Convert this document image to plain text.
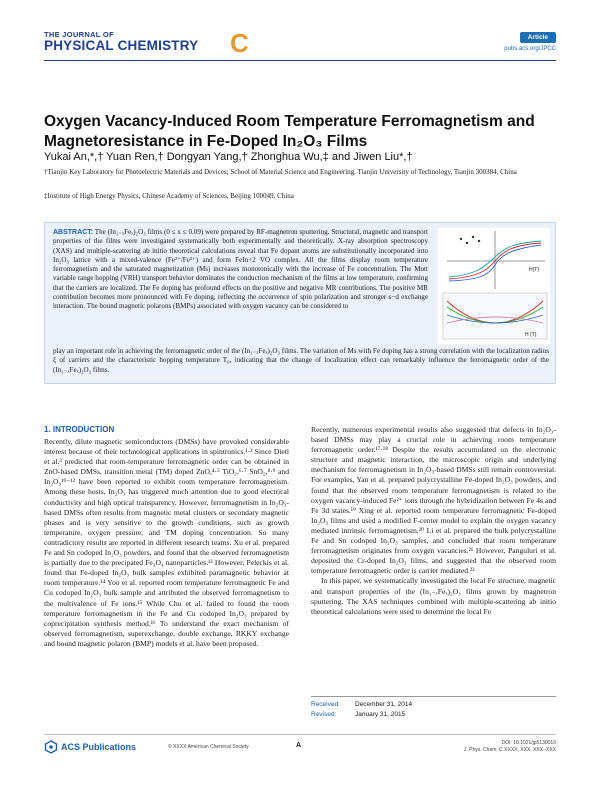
THE JOURNAL OF
PHYSICAL CHEMISTRY C	Article
pubs.acs.org/JPCC
Oxygen Vacancy-Induced Room Temperature Ferromagnetism and Magnetoresistance in Fe-Doped In₂O₃ Films
Yukai An,*,† Yuan Ren,† Dongyan Yang,† Zhonghua Wu,‡ and Jiwen Liu*,†
†Tianjin Key Laboratory for Photoelectric Materials and Devices; School of Material Science and Engineering, Tianjin University of Technology, Tianjin 300384, China
‡Institute of High Energy Physics, Chinese Academy of Sciences, Beijing 100049, China
ABSTRACT: The (In₁₋ₓFeₓ)₂O₃ films (0 ≤ x ≤ 0.09) were prepared by RF-magnetron sputtering. Structural, magnetic and transport properties of the films were investigated systematically both experimentally and theoretically. X-ray absorption spectroscopy (XAS) and multiple-scattering ab initio theoretical calculations reveal that Fe dopant atoms are substitutionally incorporated into In₂O₃ lattice with a mixed-valence (Fe²⁺/Fe³⁺) and form FeIn+2 VO complex. All the films display room temperature ferromagnetism and the saturated magnetization (Ms) increases monotonically with the increase of Fe concentration. The Mott variable range hopping (VRH) transport behavior dominates the conduction mechanism of the films at low temperature, confirming that the carriers are localized. The Fe doping has profound effects on the positive and negative MR contributions. The positive MR contribution becomes more pronounced with Fe doping, reflecting the occurrence of spin polarization and stronger s−d exchange interaction. The bound magnetic polarons (BMPs) associated with oxygen vacancy can be considered to
H(T)
H (T)
play an important role in achieving the ferromagnetic order of the (In₁₋ₓFeₓ)₂O₃ films. The variation of Ms with Fe doping has a strong correlation with the localization radius ξ of carriers and the characteristic hopping temperature T₀, indicating that the change of localization effect can remarkably influence the ferromagnetic order of the (In₁₋ₓFeₓ)₂O₃ films.
1. INTRODUCTION

Recently, dilute magnetic semiconductors (DMSs) have provoked considerable interest because of their technological applications in spintronics.¹·² Since Dietl et al.³ predicted that room-temperature ferromagnetic order can be obtained in ZnO-based DMSs, transition metal (TM) doped ZnO,⁴·⁵ TiO₂,⁶·⁷ SnO₂,⁸·⁹ and In₂O₃¹⁰⁻¹² have been reported to exhibit room temperature ferromagnetism. Among these hosts, In₂O₃ has triggered much attention due to good electrical conductivity and high optical transparency. However, ferromagnetism in In₂O₃-based DMSs often results from magnetic metal clusters or secondary magnetic phases and is very sensitive to the growth conditions, such as growth temperature, oxygen pressure, and TM doping concentration. So many contradictory results are reported in different research teams. Xu et al. prepared Fe and Sn codoped In₂O₃ powders, and found that the observed ferromagnetism is partially due to the precipated Fe₃O₄ nanoparticles.¹³ However, Peleckis et al. found that Fe-doped In₂O₃ bulk samples exhibited paramagnetic behavior at room temperature.¹⁴ Yoo et al. reported room temperature ferromagnetic Fe and Cu codoped In₂O₃ bulk sample and attributed the observed ferromagnetism to the multivalence of Fe ions.¹⁵ While Chu et al. failed to found the room temperature ferromagnetism in the Fe and Cu codoped In₂O₃ prepared by coprecipitation synthesis method.¹⁶ To understand the exact mechanism of observed ferromagnetism, superexchange, double exchange, RKKY exchange and bound magnetic polaron (BMP) models et al. have been proposed.

Recently, numerous experimental results also suggested that defects in In₂O₃-based DMSs may play a crucial role in achieving room temperature ferromagnetic order.¹⁷·¹⁸ Despite the results accumulated on the electronic structure and magnetic interaction, the microscopic origin and underlying mechanism for ferromagnetism in In₂O₃-based DMSs still remain controversial. For examples, Yan et al. prepared polycrystalline Fe-doped In₂O₃ powders, and found that the observed room temperature ferromagnetism is related to the oxygen vacancy-induced Fe²⁺ ions through the hybridization between Fe 4s and Fe 3d states.¹⁹ Xing et al. reported room temperature ferromagnetic Fe-doped In₂O₃ films and used a modified F-center model to explain the oxygen vacancy mediated intrinsic ferromagnetism.²⁰ Li et al. prepared the bulk polycrystalline Fe and Sn codoped In₂O₃ samples, and concluded that room temperature ferromagnetism originates from oxygen vacancies.²¹ However, Panguluri et al. deposited the Cr-doped In₂O₃ films, and suggested that the observed room temperature ferromagnetic order is carrier mediated.²²

In this paper, we systematically investigated the local Fe structure, magnetic and transport properties of the (In₁₋ₓFeₓ)₂O₃ films grown by magnetron sputtering. The XAS techniques combined with multiple-scattering ab initio theoretical calculations were used to determine the local Fe

Received: December 31, 2014
Revised:	January 31, 2015
ACS Publications	© XXXX American Chemical Society	A	DOI: 10.1021/jp5130016
J. Phys. Chem. C XXXX, XXX, XXX−XXX
